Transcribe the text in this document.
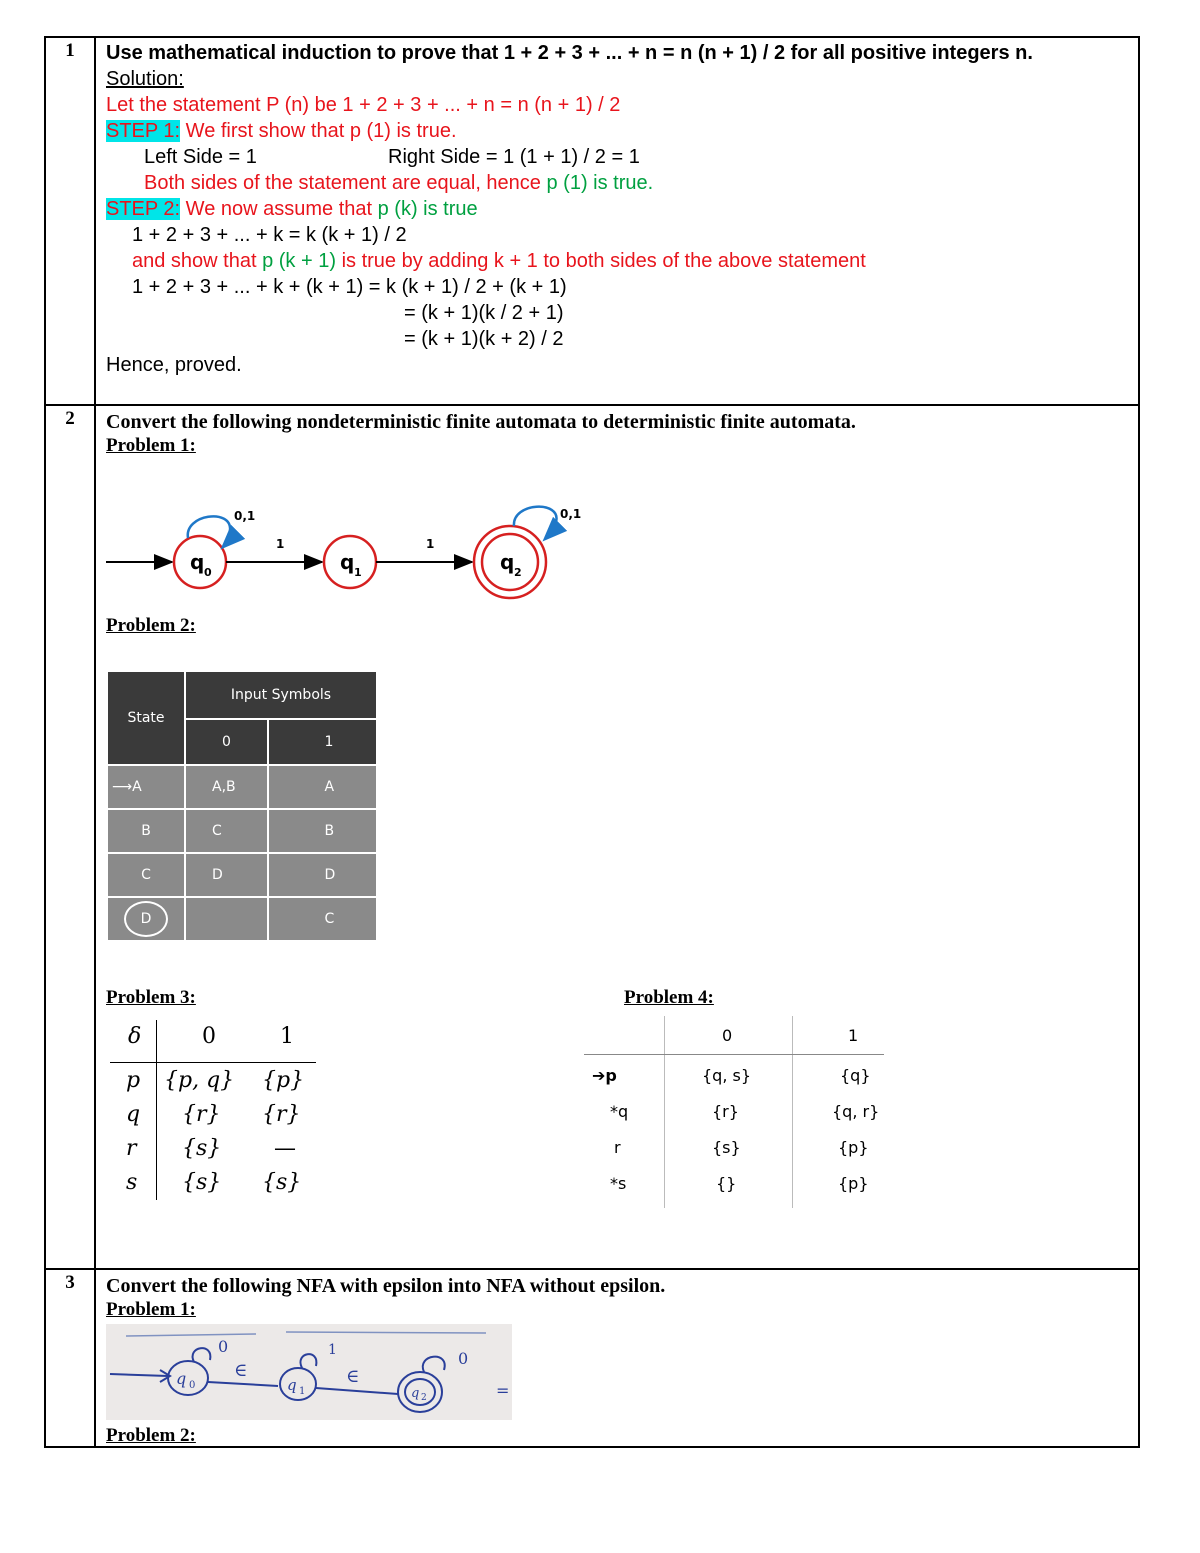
1	Use mathematical induction to prove that 1 + 2 + 3 + ... + n = n (n + 1) / 2 for all positive integers n.
Solution:
Let the statement P (n) be 1 + 2 + 3 + ... + n = n (n + 1) / 2
STEP 1: We first show that p (1) is true.
Left Side = 1	Right Side = 1 (1 + 1) / 2 = 1
Both sides of the statement are equal, hence p (1) is true.
STEP 2: We now assume that p (k) is true
1 + 2 + 3 + ... + k = k (k + 1) / 2
and show that p (k + 1) is true by adding k + 1 to both sides of the above statement
1 + 2 + 3 + ... + k + (k + 1) = k (k + 1) / 2 + (k + 1)
= (k + 1)(k / 2 + 1)
= (k + 1)(k + 2) / 2
Hence, proved.

2	Convert the following nondeterministic finite automata to deterministic finite automata.
Problem 1:
q 0
0,1
1
q 1
1
q 2
0,1
Problem 2:
State	Input Symbols
0	1
⟶A	A,B	A
B	C	B
C	D	D
D		C
Problem 3:	Problem 4:
δ	0	1
p {p, q} {p}
q {r} {r}
r {s} —
s {s} {s}
0	1
➔p	{q, s}	{q}
*q	{r}	{q, r}
r	{s}	{p}
*s	{}	{p}

3	Convert the following NFA with epsilon into NFA without epsilon.
Problem 1:
q 0
0
∈
q 1
1
∈
q 2
0
=
Problem 2:
